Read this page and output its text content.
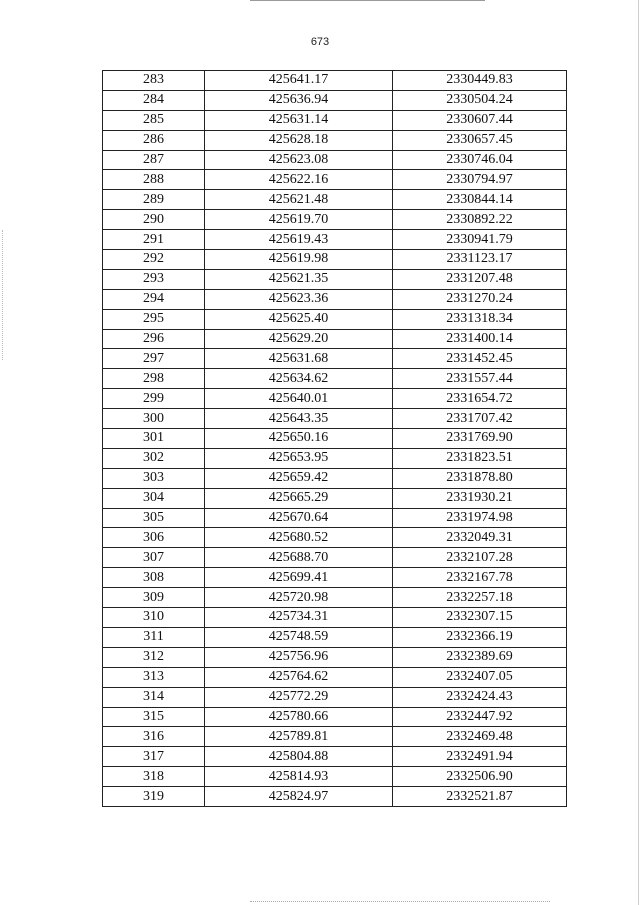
673
283	425641.17	2330449.83
284	425636.94	2330504.24
285	425631.14	2330607.44
286	425628.18	2330657.45
287	425623.08	2330746.04
288	425622.16	2330794.97
289	425621.48	2330844.14
290	425619.70	2330892.22
291	425619.43	2330941.79
292	425619.98	2331123.17
293	425621.35	2331207.48
294	425623.36	2331270.24
295	425625.40	2331318.34
296	425629.20	2331400.14
297	425631.68	2331452.45
298	425634.62	2331557.44
299	425640.01	2331654.72
300	425643.35	2331707.42
301	425650.16	2331769.90
302	425653.95	2331823.51
303	425659.42	2331878.80
304	425665.29	2331930.21
305	425670.64	2331974.98
306	425680.52	2332049.31
307	425688.70	2332107.28
308	425699.41	2332167.78
309	425720.98	2332257.18
310	425734.31	2332307.15
311	425748.59	2332366.19
312	425756.96	2332389.69
313	425764.62	2332407.05
314	425772.29	2332424.43
315	425780.66	2332447.92
316	425789.81	2332469.48
317	425804.88	2332491.94
318	425814.93	2332506.90
319	425824.97	2332521.87
